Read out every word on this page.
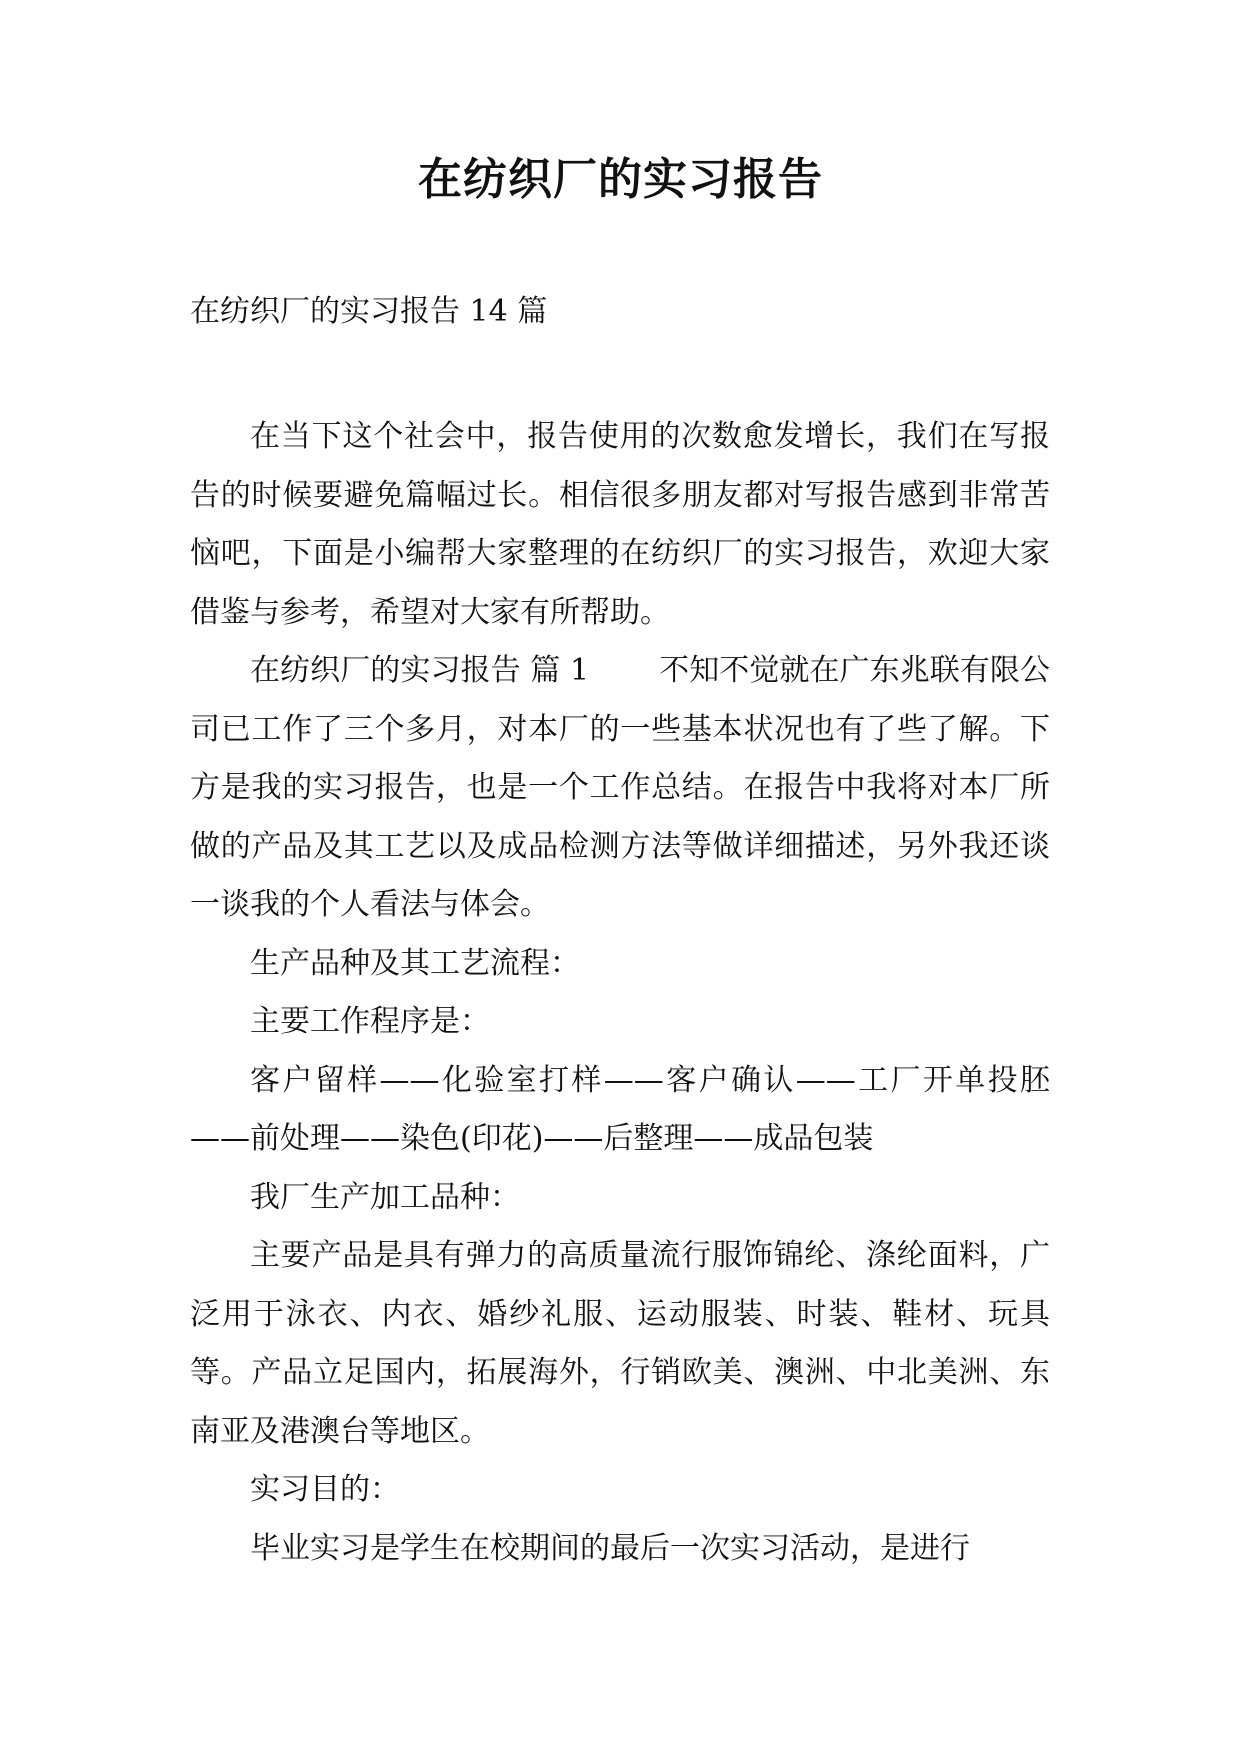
在纺织厂的实习报告
在纺织厂的实习报告 14 篇

在当下这个社会中，报告使用的次数愈发增长，我们在写报告的时候要避免篇幅过长。相信很多朋友都对写报告感到非常苦恼吧，下面是小编帮大家整理的在纺织厂的实习报告，欢迎大家借鉴与参考，希望对大家有所帮助。

在纺织厂的实习报告 篇 1 不知不觉就在广东兆联有限公司已工作了三个多月，对本厂的一些基本状况也有了些了解。下方是我的实习报告，也是一个工作总结。在报告中我将对本厂所做的产品及其工艺以及成品检测方法等做详细描述，另外我还谈一谈我的个人看法与体会。

生产品种及其工艺流程：

主要工作程序是：

客户留样——化验室打样——客户确认——工厂开单投胚——前处理——染色(印花)——后整理——成品包装

我厂生产加工品种：

主要产品是具有弹力的高质量流行服饰锦纶、涤纶面料，广泛用于泳衣、内衣、婚纱礼服、运动服装、时装、鞋材、玩具等。产品立足国内，拓展海外，行销欧美、澳洲、中北美洲、东南亚及港澳台等地区。

实习目的：

毕业实习是学生在校期间的最后一次实习活动，是进行
